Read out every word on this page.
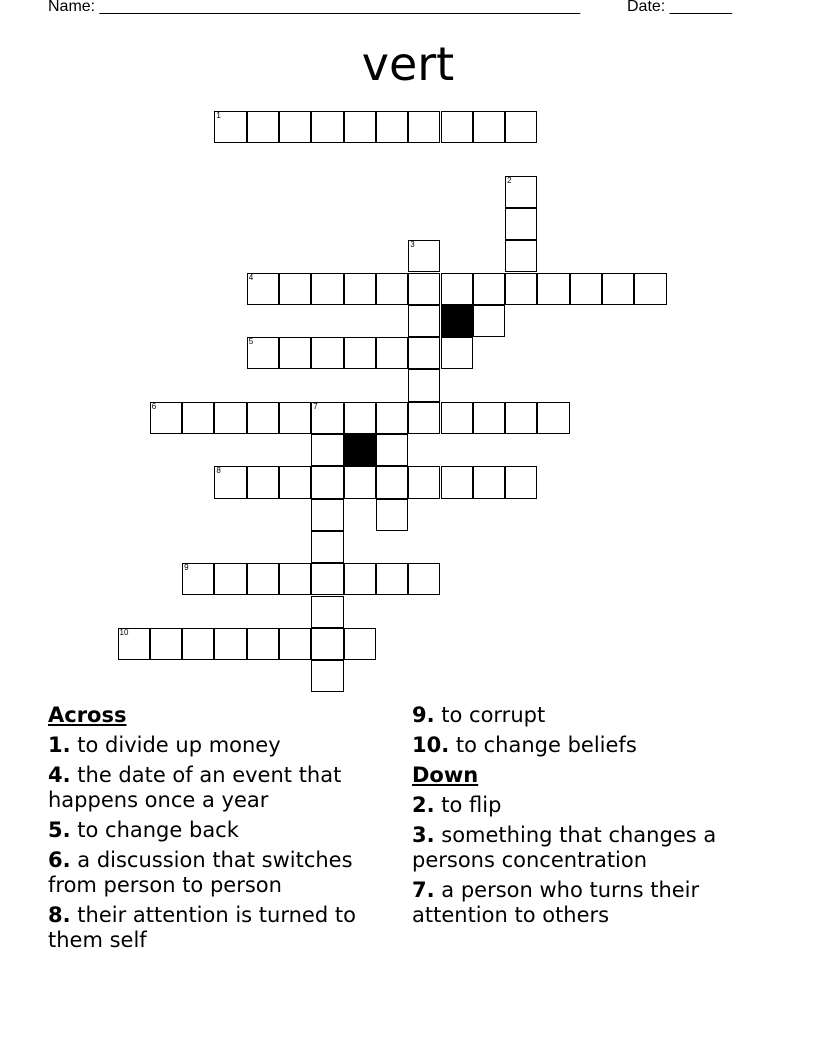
Name: ______________________________________________________	Date: _______
vert
1
2
3
4
5
6	7
8
9
10
Across
1. to divide up money
4. the date of an event that happens once a year
5. to change back
6. a discussion that switches from person to person
8. their attention is turned to them self
9. to corrupt
10. to change beliefs
Down
2. to flip
3. something that changes a persons concentration
7. a person who turns their attention to others
